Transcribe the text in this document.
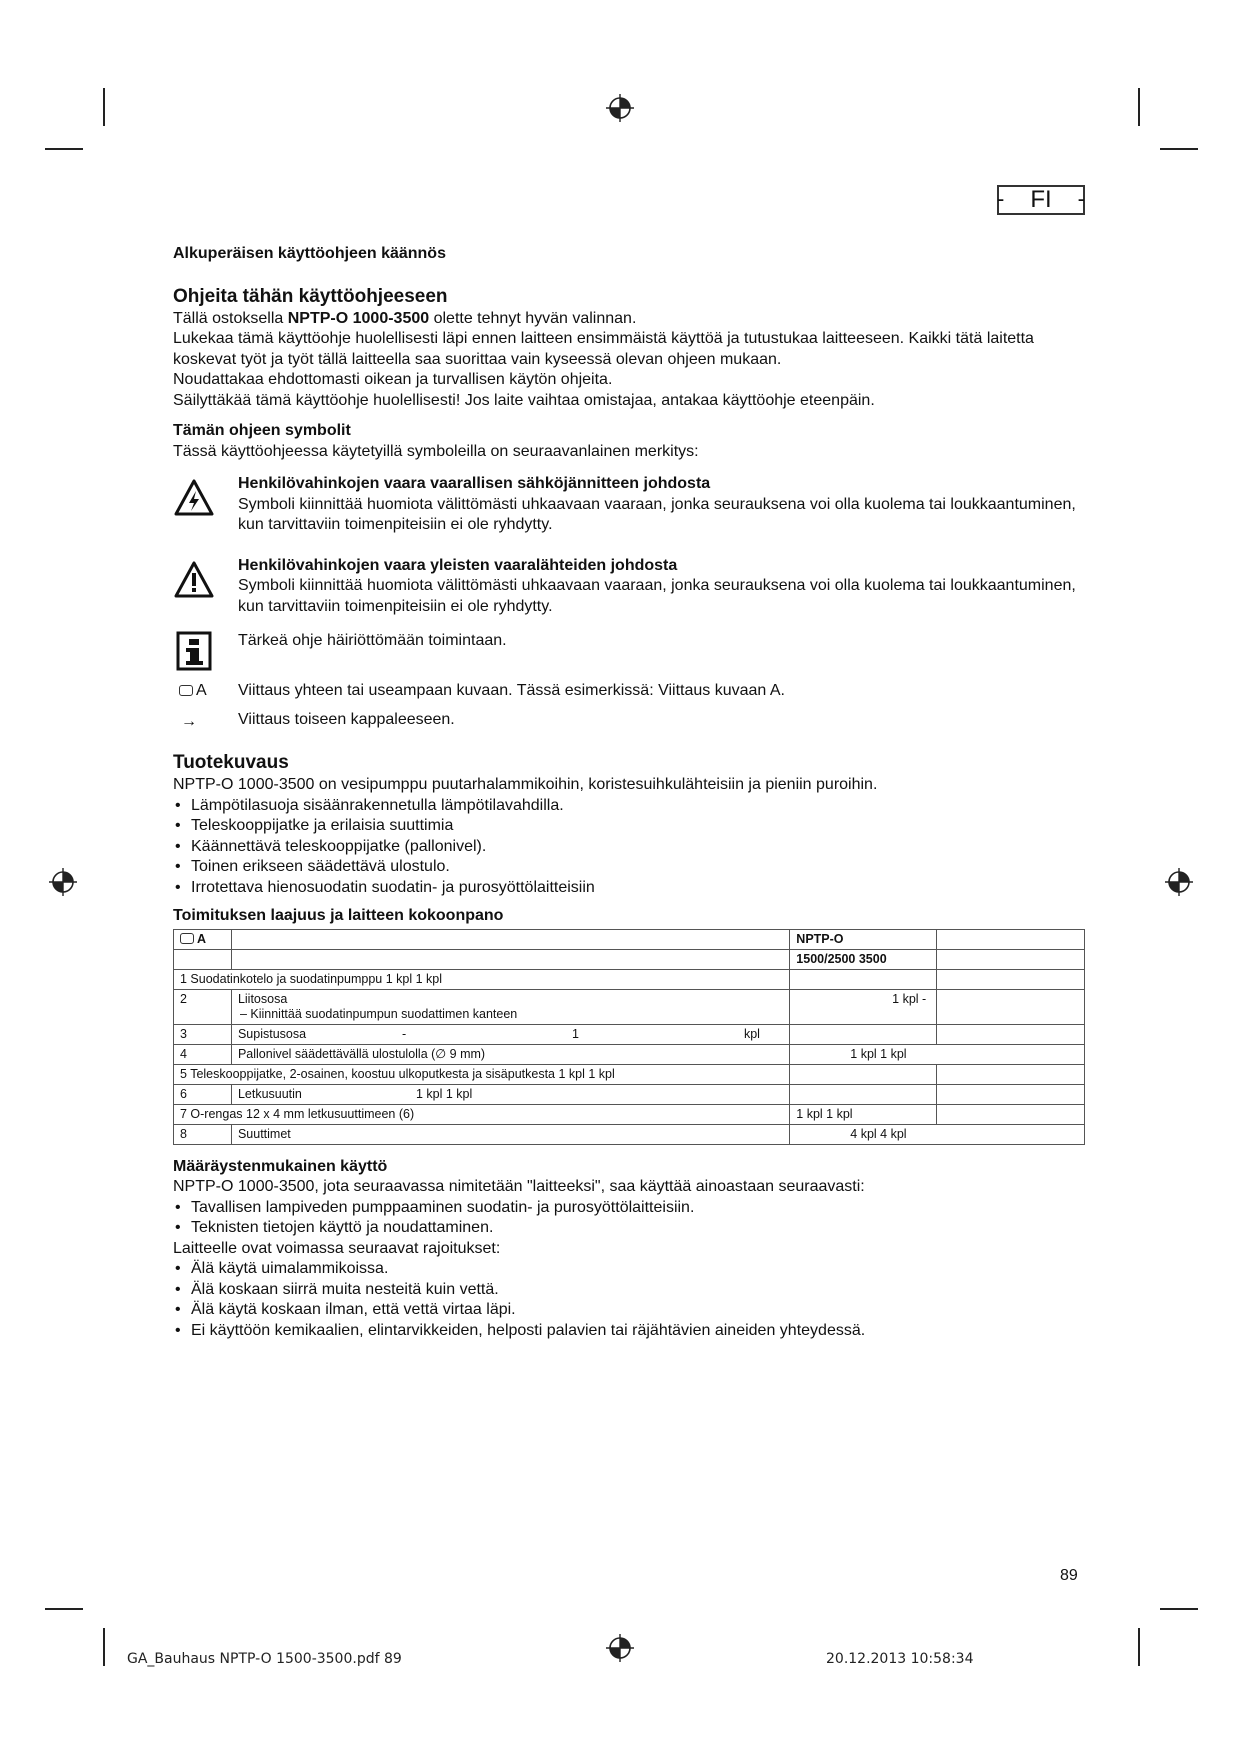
- FI -

Alkuperäisen käyttöohjeen käännös

Ohjeita tähän käyttöohjeeseen

Tällä ostoksella NPTP-O 1000-3500 olette tehnyt hyvän valinnan.

Lukekaa tämä käyttöohje huolellisesti läpi ennen laitteen ensimmäistä käyttöä ja tutustukaa laitteeseen. Kaikki tätä laitetta koskevat työt ja työt tällä laitteella saa suorittaa vain kyseessä olevan ohjeen mukaan.

Noudattakaa ehdottomasti oikean ja turvallisen käytön ohjeita.

Säilyttäkää tämä käyttöohje huolellisesti! Jos laite vaihtaa omistajaa, antakaa käyttöohje eteenpäin.

Tämän ohjeen symbolit

Tässä käyttöohjeessa käytetyillä symboleilla on seuraavanlainen merkitys:

Henkilövahinkojen vaara vaarallisen sähköjännitteen johdosta

Symboli kiinnittää huomiota välittömästi uhkaavaan vaaraan, jonka seurauksena voi olla kuolema tai loukkaantuminen, kun tarvittaviin toimenpiteisiin ei ole ryhdytty.

Henkilövahinkojen vaara yleisten vaaralähteiden johdosta

Symboli kiinnittää huomiota välittömästi uhkaavaan vaaraan, jonka seurauksena voi olla kuolema tai loukkaantuminen, kun tarvittaviin toimenpiteisiin ei ole ryhdytty.

Tärkeä ohje häiriöttömään toimintaan.

A Viittaus yhteen tai useampaan kuvaan. Tässä esimerkissä: Viittaus kuvaan A.

→	Viittaus toiseen kappaleeseen.

Tuotekuvaus

NPTP-O 1000-3500 on vesipumppu puutarhalammikoihin, koristesuihkulähteisiin ja pieniin puroihin.

• Lämpötilasuoja sisäänrakennetulla lämpötilavahdilla.
• Teleskooppijatke ja erilaisia suuttimia
• Käännettävä teleskooppijatke (pallonivel).
• Toinen erikseen säädettävä ulostulo.
• Irrotettava hienosuodatin suodatin- ja purosyöttölaitteisiin

Toimituksen laajuus ja laitteen kokoonpano

A		NPTP-O	
		1500/2500 3500	
1 Suodatinkotelo ja suodatinpumppu 1 kpl 1 kpl			
2	Liitososa
– Kiinnittää suodatinpumpun suodattimen kanteen	1 kpl -	
3	Supistusosa - 1 kpl		

4	Pallonivel säädettävällä ulostulolla (∅ 9 mm)	1 kpl 1 kpl	
5 Teleskooppijatke, 2-osainen, koostuu ulkoputkesta ja sisäputkesta 1 kpl 1 kpl			
6	Letkusuutin 1 kpl 1 kpl		

7 O-rengas 12 x 4 mm letkusuuttimeen (6)		1 kpl 1 kpl	
8	Suuttimet	4 kpl 4 kpl	

Määräystenmukainen käyttö

NPTP-O 1000-3500, jota seuraavassa nimitetään "laitteeksi", saa käyttää ainoastaan seuraavasti:

• Tavallisen lampiveden pumppaaminen suodatin- ja purosyöttölaitteisiin.
• Teknisten tietojen käyttö ja noudattaminen.

Laitteelle ovat voimassa seuraavat rajoitukset:

• Älä käytä uimalammikoissa.
• Älä koskaan siirrä muita nesteitä kuin vettä.
• Älä käytä koskaan ilman, että vettä virtaa läpi.
• Ei käyttöön kemikaalien, elintarvikkeiden, helposti palavien tai räjähtävien aineiden yhteydessä.
89
GA_Bauhaus NPTP-O 1500-3500.pdf 89	20.12.2013 10:58:34
